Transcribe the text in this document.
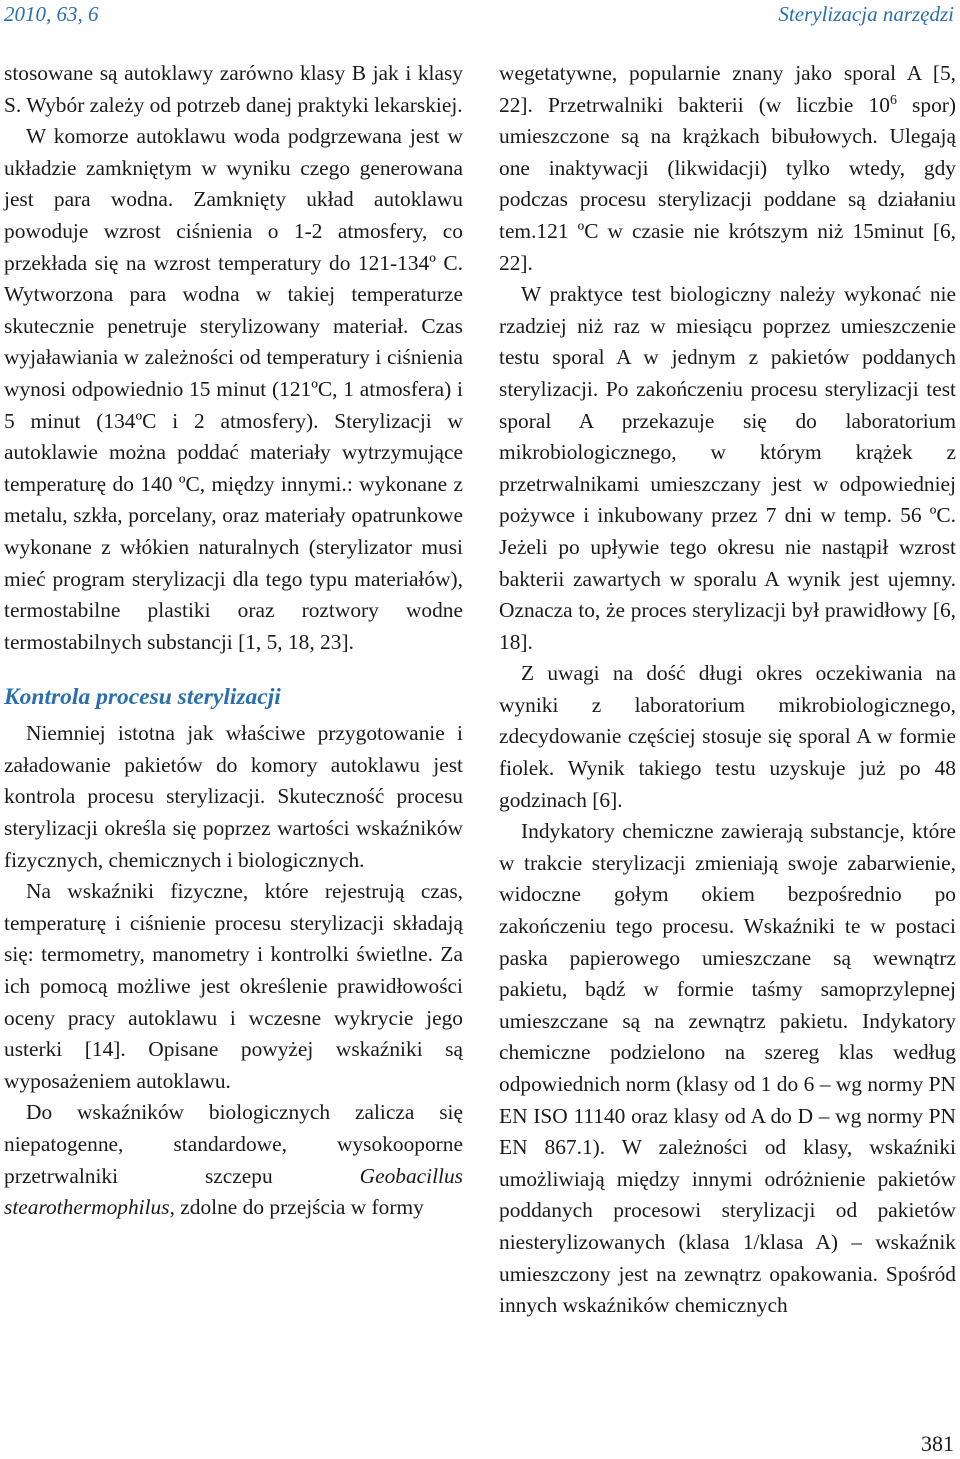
2010, 63, 6	Sterylizacja narzędzi

stosowane są autoklawy zarówno klasy B jak i klasy S. Wybór zależy od potrzeb danej praktyki lekarskiej.

W komorze autoklawu woda podgrzewana jest w układzie zamkniętym w wyniku czego generowana jest para wodna. Zamknięty układ autoklawu powoduje wzrost ciśnienia o 1-2 atmosfery, co przekłada się na wzrost temperatury do 121-134º C. Wytworzona para wodna w takiej temperaturze skutecznie penetruje sterylizowany materiał. Czas wyjaławiania w zależności od temperatury i ciśnienia wynosi odpowiednio 15 minut (121ºC, 1 atmosfera) i 5 minut (134ºC i 2 atmosfery). Sterylizacji w autoklawie można poddać materiały wytrzymujące temperaturę do 140 ºC, między innymi.: wykonane z metalu, szkła, porcelany, oraz materiały opatrunkowe wykonane z włókien naturalnych (sterylizator musi mieć program sterylizacji dla tego typu materiałów), termostabilne plastiki oraz roztwory wodne termostabilnych substancji [1, 5, 18, 23].

Kontrola procesu sterylizacji

Niemniej istotna jak właściwe przygotowanie i załadowanie pakietów do komory autoklawu jest kontrola procesu sterylizacji. Skuteczność procesu sterylizacji określa się poprzez wartości wskaźników fizycznych, chemicznych i biologicznych.

Na wskaźniki fizyczne, które rejestrują czas, temperaturę i ciśnienie procesu sterylizacji składają się: termometry, manometry i kontrolki świetlne. Za ich pomocą możliwe jest określenie prawidłowości oceny pracy autoklawu i wczesne wykrycie jego usterki [14]. Opisane powyżej wskaźniki są wyposażeniem autoklawu.

Do wskaźników biologicznych zalicza się niepatogenne, standardowe, wysokooporne przetrwalniki szczepu Geobacillus stearothermophilus, zdolne do przejścia w formy

wegetatywne, popularnie znany jako sporal A [5, 22]. Przetrwalniki bakterii (w liczbie $10^6$ spor) umieszczone są na krążkach bibułowych. Ulegają one inaktywacji (likwidacji) tylko wtedy, gdy podczas procesu sterylizacji poddane są działaniu tem.121 ºC w czasie nie krótszym niż 15minut [6, 22].

W praktyce test biologiczny należy wykonać nie rzadziej niż raz w miesiącu poprzez umieszczenie testu sporal A w jednym z pakietów poddanych sterylizacji. Po zakończeniu procesu sterylizacji test sporal A przekazuje się do laboratorium mikrobiologicznego, w którym krążek z przetrwalnikami umieszczany jest w odpowiedniej pożywce i inkubowany przez 7 dni w temp. 56 ºC. Jeżeli po upływie tego okresu nie nastąpił wzrost bakterii zawartych w sporalu A wynik jest ujemny. Oznacza to, że proces sterylizacji był prawidłowy [6, 18].

Z uwagi na dość długi okres oczekiwania na wyniki z laboratorium mikrobiologicznego, zdecydowanie częściej stosuje się sporal A w formie fiolek. Wynik takiego testu uzyskuje już po 48 godzinach [6].

Indykatory chemiczne zawierają substancje, które w trakcie sterylizacji zmieniają swoje zabarwienie, widoczne gołym okiem bezpośrednio po zakończeniu tego procesu. Wskaźniki te w postaci paska papierowego umieszczane są wewnątrz pakietu, bądź w formie taśmy samoprzylepnej umieszczane są na zewnątrz pakietu. Indykatory chemiczne podzielono na szereg klas według odpowiednich norm (klasy od 1 do 6 – wg normy PN EN ISO 11140 oraz klasy od A do D – wg normy PN EN 867.1). W zależności od klasy, wskaźniki umożliwiają między innymi odróżnienie pakietów poddanych procesowi sterylizacji od pakietów niesterylizowanych (klasa 1/klasa A) – wskaźnik umieszczony jest na zewnątrz opakowania. Spośród innych wskaźników chemicznych

381
